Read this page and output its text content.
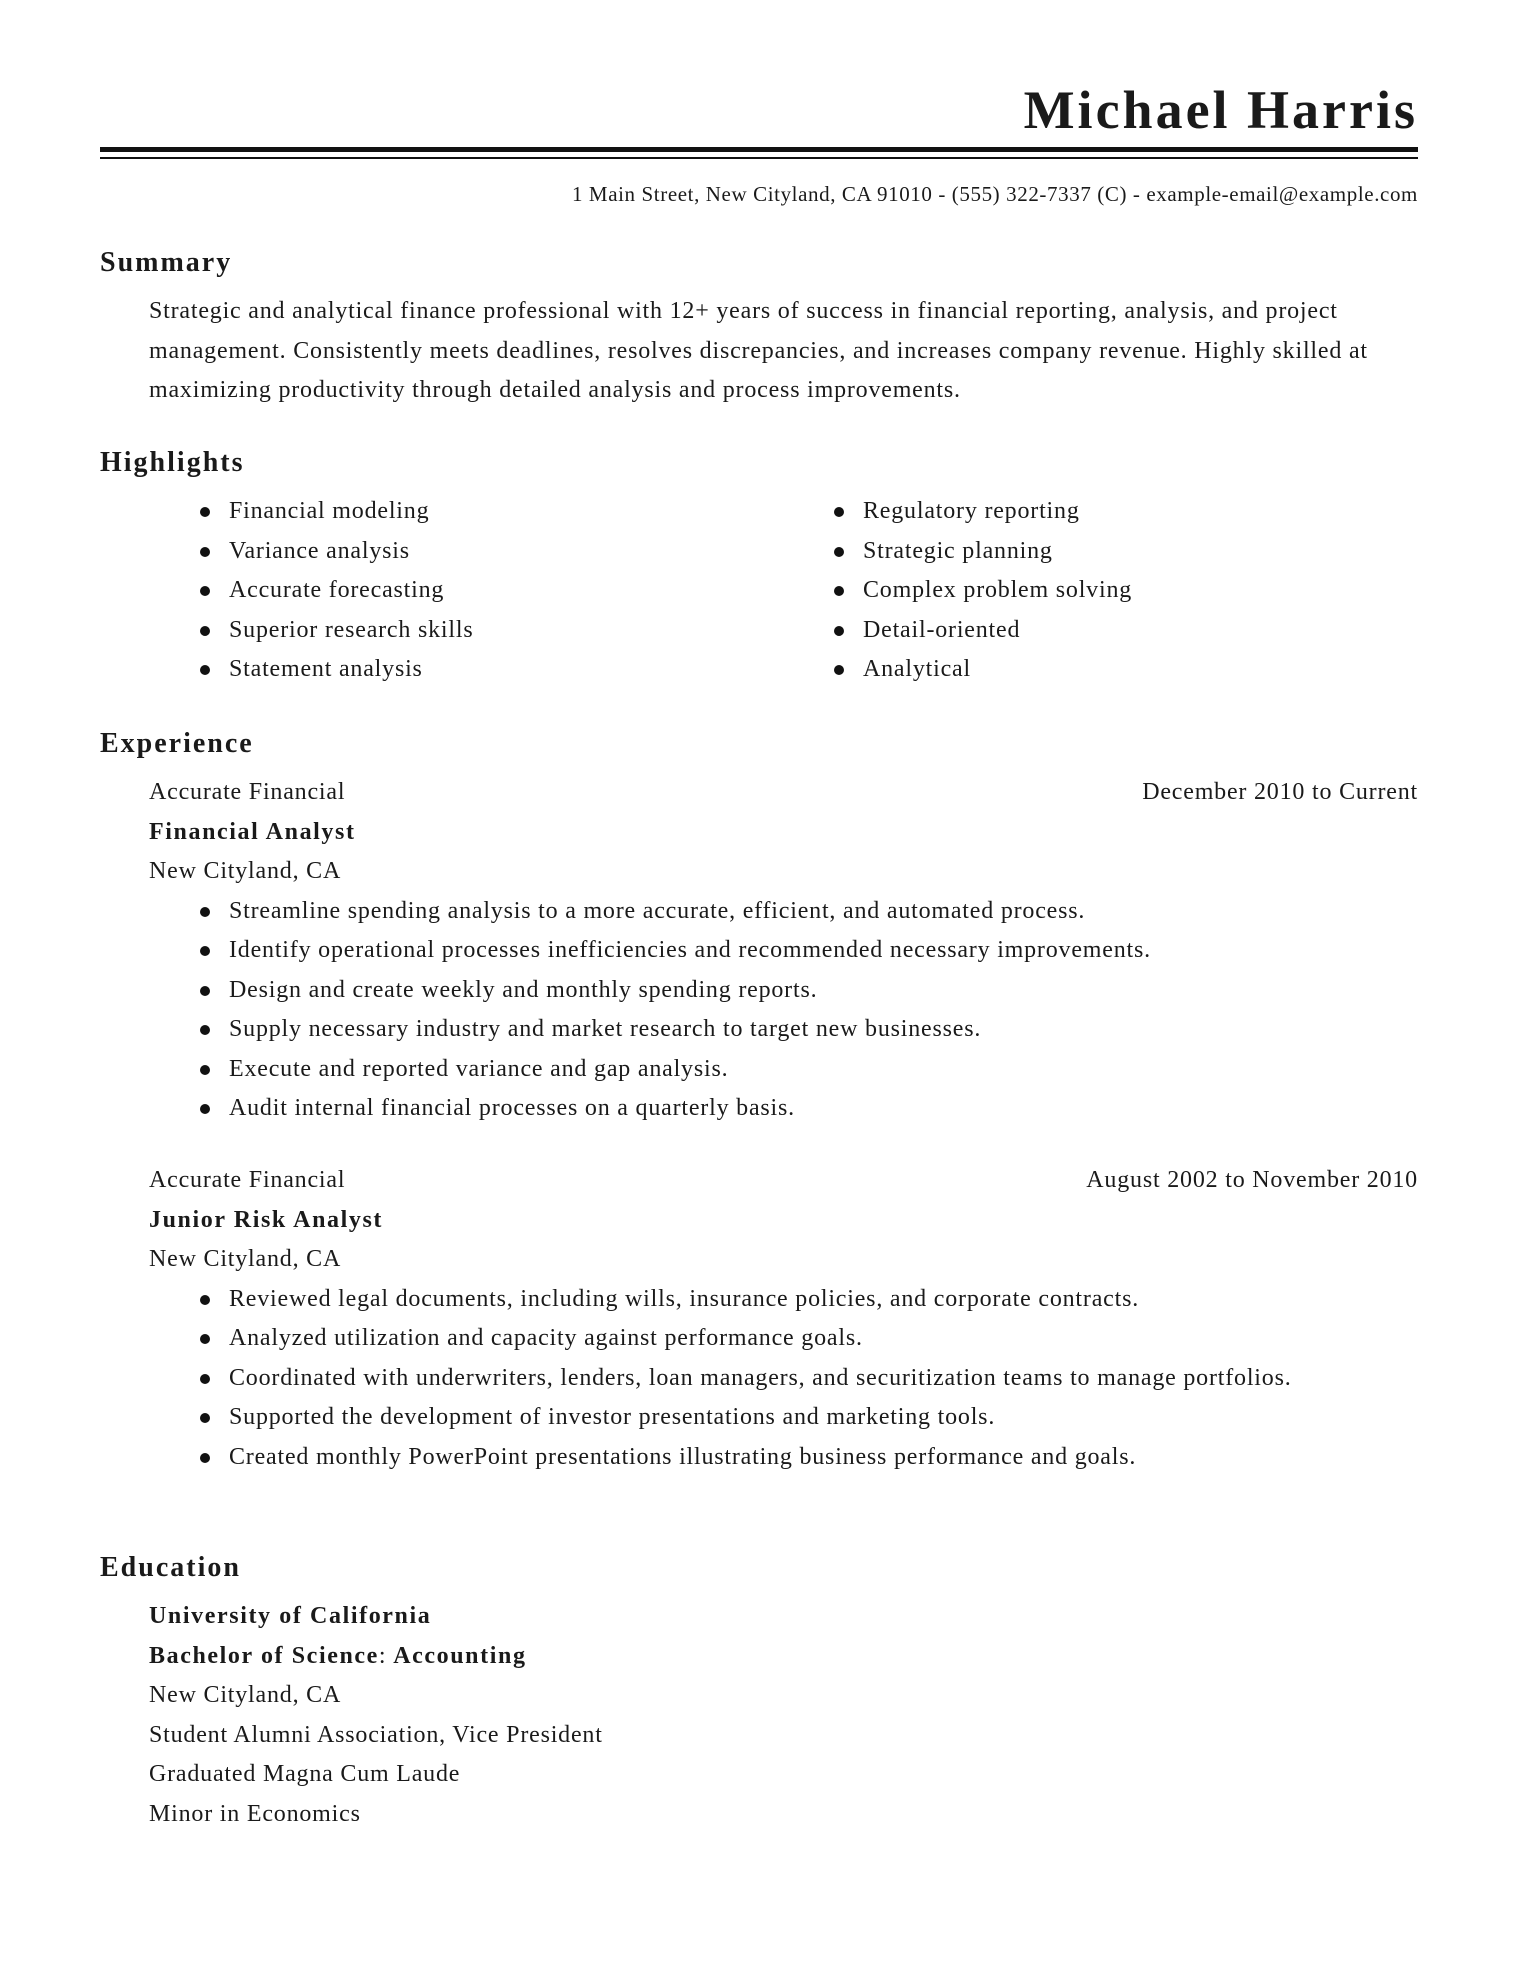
Michael Harris
1 Main Street, New Cityland, CA 91010 - (555) 322-7337 (C) - example-email@example.com
Summary

Strategic and analytical finance professional with 12+ years of success in financial reporting, analysis, and project management. Consistently meets deadlines, resolves discrepancies, and increases company revenue. Highly skilled at maximizing productivity through detailed analysis and process improvements.

Highlights
Financial modeling
Variance analysis
Accurate forecasting
Superior research skills
Statement analysis
Regulatory reporting
Strategic planning
Complex problem solving
Detail-oriented
Analytical
Experience
Accurate Financial	December 2010 to Current
Financial Analyst
New Cityland, CA
Streamline spending analysis to a more accurate, efficient, and automated process.
Identify operational processes inefficiencies and recommended necessary improvements.
Design and create weekly and monthly spending reports.
Supply necessary industry and market research to target new businesses.
Execute and reported variance and gap analysis.
Audit internal financial processes on a quarterly basis.
Accurate Financial	August 2002 to November 2010
Junior Risk Analyst
New Cityland, CA
Reviewed legal documents, including wills, insurance policies, and corporate contracts.
Analyzed utilization and capacity against performance goals.
Coordinated with underwriters, lenders, loan managers, and securitization teams to manage portfolios.
Supported the development of investor presentations and marketing tools.
Created monthly PowerPoint presentations illustrating business performance and goals.
Education
University of California
Bachelor of Science: Accounting
New Cityland, CA
Student Alumni Association, Vice President
Graduated Magna Cum Laude
Minor in Economics
